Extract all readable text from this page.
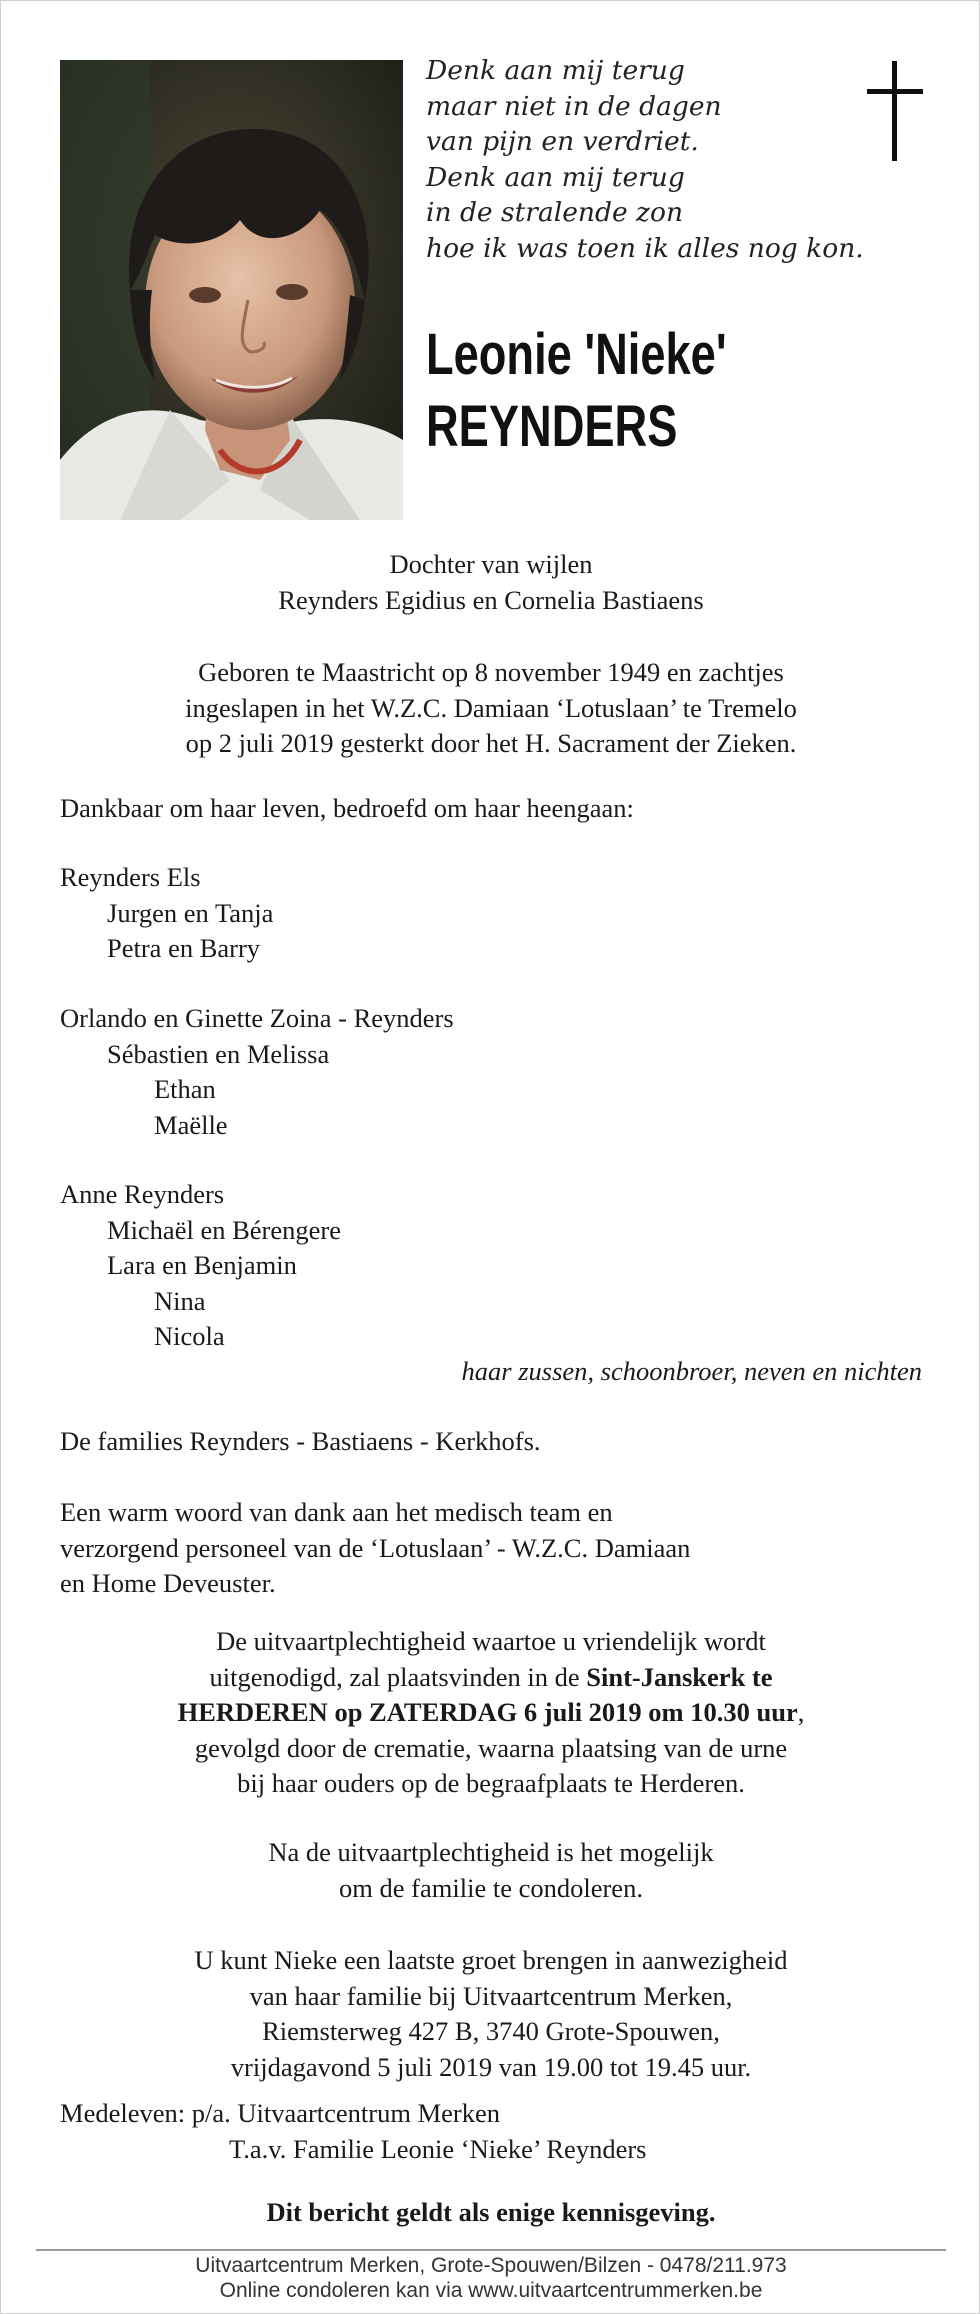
Denk aan mij terug
maar niet in de dagen
van pijn en verdriet.
Denk aan mij terug
in de stralende zon
hoe ik was toen ik alles nog kon.
Leonie 'Nieke'
REYNDERS
Dochter van wijlen
Reynders Egidius en Cornelia Bastiaens
Geboren te Maastricht op 8 november 1949 en zachtjes
ingeslapen in het W.Z.C. Damiaan ‘Lotuslaan’ te Tremelo
op 2 juli 2019 gesterkt door het H. Sacrament der Zieken.
Dankbaar om haar leven, bedroefd om haar heengaan:
Reynders Els
Jurgen en Tanja
Petra en Barry
Orlando en Ginette Zoina - Reynders
Sébastien en Melissa
Ethan
Maëlle
Anne Reynders
Michaël en Bérengere
Lara en Benjamin
Nina
Nicola
haar zussen, schoonbroer, neven en nichten
De families Reynders - Bastiaens - Kerkhofs.
Een warm woord van dank aan het medisch team en
verzorgend personeel van de ‘Lotuslaan’ - W.Z.C. Damiaan
en Home Deveuster.
De uitvaartplechtigheid waartoe u vriendelijk wordt
uitgenodigd, zal plaatsvinden in de Sint-Janskerk te
HERDEREN op ZATERDAG 6 juli 2019 om 10.30 uur,
gevolgd door de crematie, waarna plaatsing van de urne
bij haar ouders op de begraafplaats te Herderen.
Na de uitvaartplechtigheid is het mogelijk
om de familie te condoleren.
U kunt Nieke een laatste groet brengen in aanwezigheid
van haar familie bij Uitvaartcentrum Merken,
Riemsterweg 427 B, 3740 Grote-Spouwen,
vrijdagavond 5 juli 2019 van 19.00 tot 19.45 uur.
Medeleven: p/a. Uitvaartcentrum Merken
T.a.v. Familie Leonie ‘Nieke’ Reynders
Dit bericht geldt als enige kennisgeving.
Uitvaartcentrum Merken, Grote-Spouwen/Bilzen - 0478/211.973
Online condoleren kan via www.uitvaartcentrummerken.be
